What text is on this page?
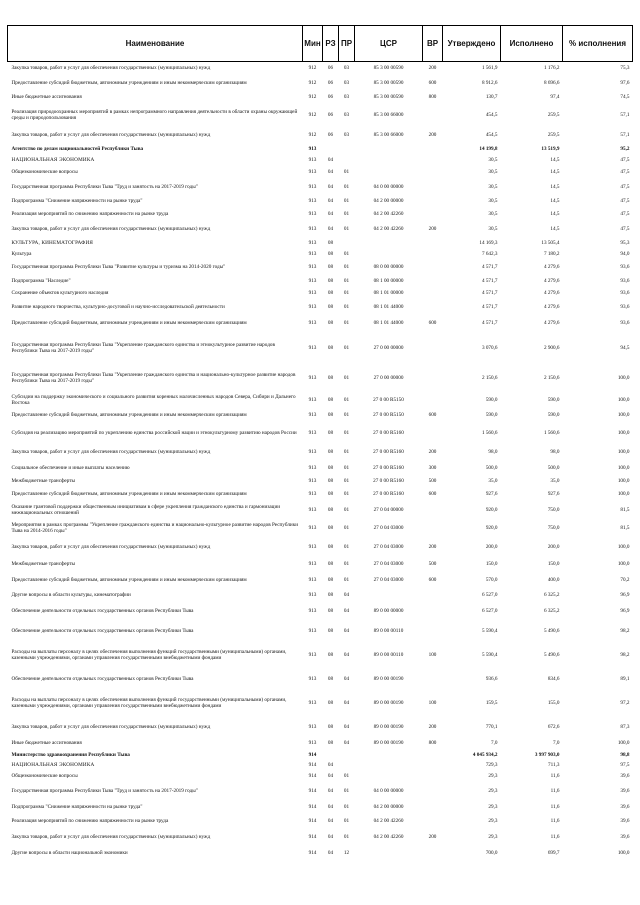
Наименование	Мин	РЗ	ПР	ЦСР	ВР	Утверждено	Исполнено	% исполнения
Закупка товаров, работ и услуг для обеспечения государственных (муниципальных) нужд	912	06	03	85 3 00 00590	200	1 561,9	1 176,2	75,3
Предоставление субсидий бюджетным, автономным учреждениям и иным некоммерческим организациям	912	06	03	85 3 00 00590	600	8 912,6	8 696,6	97,6
Иные бюджетные ассигнования	912	06	03	85 3 00 00590	800	130,7	97,4	74,5
Реализация природоохранных мероприятий в рамках непрограммного направления деятельности в области охраны окружающей среды и природопользования	912	06	03	85 3 00 66000		454,5	259,5	57,1
Закупка товаров, работ и услуг для обеспечения государственных (муниципальных) нужд	912	06	03	85 3 00 66000	200	454,5	259,5	57,1
Агентство по делам национальностей Республики Тыва	913					14 199,8	13 519,9	95,2
НАЦИОНАЛЬНАЯ ЭКОНОМИКА	913	04				30,5	14,5	47,5
Общеэкономические вопросы	913	04	01			30,5	14,5	47,5
Государственная программа Республики Тыва "Труд и занятость на 2017-2019 годы"	913	04	01	04 0 00 00000		30,5	14,5	47,5
Подпрограмма "Снижение напряженности на рынке труда"	913	04	01	04 2 00 00000		30,5	14,5	47,5
Реализация мероприятий по снижению напряженности на рынке труда	913	04	01	04 2 00 42260		30,5	14,5	47,5
Закупка товаров, работ и услуг для обеспечения государственных (муниципальных) нужд	913	04	01	04 2 00 42260	200	30,5	14,5	47,5
КУЛЬТУРА, КИНЕМАТОГРАФИЯ	913	08				14 169,3	13 505,4	95,3
Культура	913	08	01			7 642,3	7 180,2	94,0
Государственная программа Республики Тыва "Развитие культуры и туризма на 2014-2020 годы"	913	08	01	08 0 00 00000		4 571,7	4 279,6	93,6
Подпрограмма "Наследие"	913	08	01	08 1 00 00000		4 571,7	4 279,6	93,6
Сохранение объектов культурного наследия	913	08	01	08 1 01 00000		4 571,7	4 279,6	93,6
Развитие народного творчества, культурно-досуговой и научно-исследовательской деятельности	913	08	01	08 1 01 44000		4 571,7	4 279,6	93,6
Предоставление субсидий бюджетным, автономным учреждениям и иным некоммерческим организациям	913	08	01	08 1 01 44000	600	4 571,7	4 279,6	93,6
Государственная программа Республики Тыва "Укрепление гражданского единства и этнокультурное развитие народов Республики Тыва на 2017-2019 годы"	913	08	01	27 0 00 00000		3 070,6	2 900,6	94,5
Государственная программа Республики Тыва "Укрепление гражданского единства и национально-культурное развитие народов Республики Тыва на 2017-2019 годы"	913	08	01	27 0 00 00000		2 150,6	2 150,6	100,0
Субсидии на поддержку экономического и социального развития коренных малочисленных народов Севера, Сибири и Дальнего Востока	913	08	01	27 0 00 R5150		590,0	590,0	100,0
Предоставление субсидий бюджетным, автономным учреждениям и иным некоммерческим организациям	913	08	01	27 0 00 R5150	600	590,0	590,0	100,0
Субсидия на реализацию мероприятий по укреплению единства российской нации и этнокультурному развитию народов России	913	08	01	27 0 00 R5160		1 560,6	1 560,6	100,0
Закупка товаров, работ и услуг для обеспечения государственных (муниципальных) нужд	913	08	01	27 0 00 R5160	200	98,0	98,0	100,0
Социальное обеспечение и иные выплаты населению	913	08	01	27 0 00 R5160	300	500,0	500,0	100,0
Межбюджетные трансферты	913	08	01	27 0 00 R5160	500	35,0	35,0	100,0
Предоставление субсидий бюджетным, автономным учреждениям и иным некоммерческим организациям	913	08	01	27 0 00 R5160	600	927,6	927,6	100,0
Оказание грантовой поддержки общественным инициативам в сфере укрепления гражданского единства и гармонизации межнациональных отношений	913	08	01	27 0 04 00000		920,0	750,0	81,5
Мероприятия в рамках программы "Укрепление гражданского единства и национально-культурное развитие народов Республики Тыва на 2014-2016 годы"	913	08	01	27 0 04 03000		920,0	750,0	81,5
Закупка товаров, работ и услуг для обеспечения государственных (муниципальных) нужд	913	08	01	27 0 04 03000	200	200,0	200,0	100,0
Межбюджетные трансферты	913	08	01	27 0 04 03000	500	150,0	150,0	100,0
Предоставление субсидий бюджетным, автономным учреждениям и иным некоммерческим организациям	913	08	01	27 0 04 03000	600	570,0	400,0	70,2
Другие вопросы в области культуры, кинематографии	913	08	04			6 527,0	6 325,2	96,9
Обеспечение деятельности отдельных государственных органов Республики Тыва	913	08	04	89 0 00 00000		6 527,0	6 325,2	96,9
Обеспечение деятельности отдельных государственных органов Республики Тыва	913	08	04	89 0 00 00110		5 590,4	5 490,6	98,2
Расходы на выплаты персоналу в целях обеспечения выполнения функций государственными (муниципальными) органами, казенными учреждениями, органами управления государственными внебюджетными фондами	913	08	04	89 0 00 00110	100	5 590,4	5 490,6	98,2
Обеспечение деятельности отдельных государственных органов Республики Тыва	913	08	04	89 0 00 00190		936,6	834,6	89,1
Расходы на выплаты персоналу в целях обеспечения выполнения функций государственными (муниципальными) органами, казенными учреждениями, органами управления государственными внебюджетными фондами	913	08	04	89 0 00 00190	100	159,5	155,0	97,2
Закупка товаров, работ и услуг для обеспечения государственных (муниципальных) нужд	913	08	04	89 0 00 00190	200	770,1	672,6	87,3
Иные бюджетные ассигнования	913	08	04	89 0 00 00190	800	7,0	7,0	100,0
Министерство здравоохранения Республики Тыва	914					4 045 934,2	3 997 903,0	98,8
НАЦИОНАЛЬНАЯ ЭКОНОМИКА	914	04				729,3	711,3	97,5
Общеэкономические вопросы	914	04	01			29,3	11,6	39,6
Государственная программа Республики Тыва "Труд и занятость на 2017-2019 годы"	914	04	01	04 0 00 00000		29,3	11,6	39,6
Подпрограмма "Снижение напряженности на рынке труда"	914	04	01	04 2 00 00000		29,3	11,6	39,6
Реализация мероприятий по снижению напряженности на рынке труда	914	04	01	04 2 00 42260		29,3	11,6	39,6
Закупка товаров, работ и услуг для обеспечения государственных (муниципальных) нужд	914	04	01	04 2 00 42260	200	29,3	11,6	39,6
Другие вопросы в области национальной экономики	914	04	12			700,0	699,7	100,0
